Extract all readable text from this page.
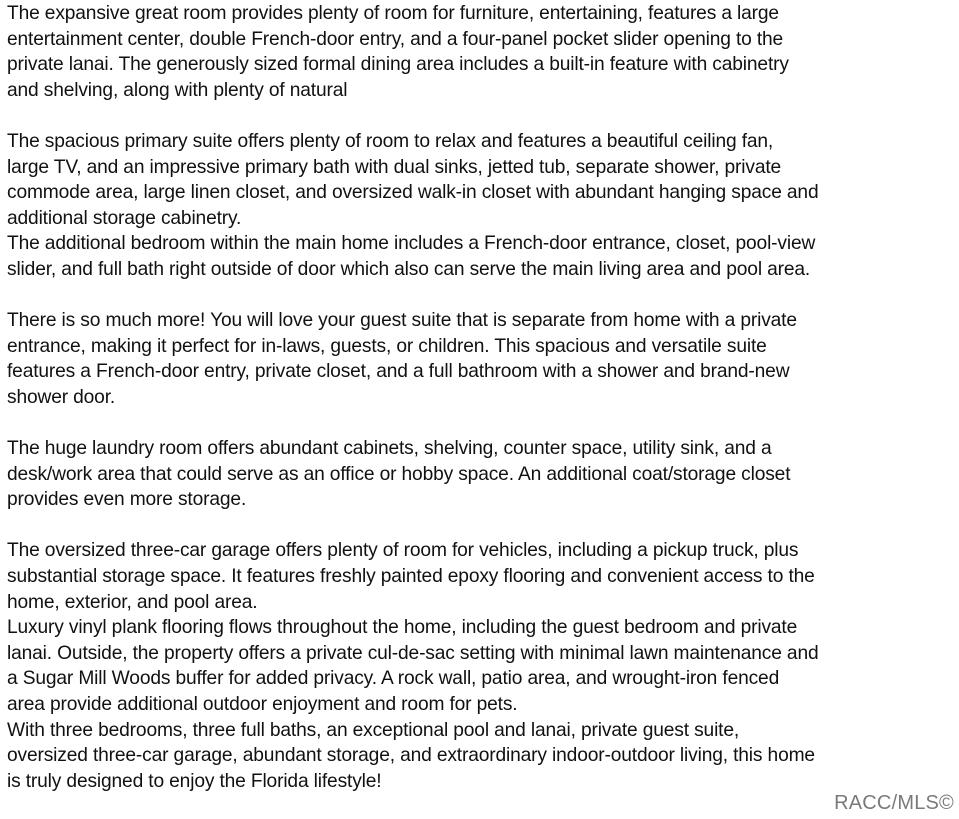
The expansive great room provides plenty of room for furniture, entertaining, features a large entertainment center, double French-door entry, and a four-panel pocket slider opening to the private lanai. The generously sized formal dining area includes a built-in feature with cabinetry and shelving, along with plenty of natural

The spacious primary suite offers plenty of room to relax and features a beautiful ceiling fan, large TV, and an impressive primary bath with dual sinks, jetted tub, separate shower, private commode area, large linen closet, and oversized walk-in closet with abundant hanging space and additional storage cabinetry.

The additional bedroom within the main home includes a French-door entrance, closet, pool-view slider, and full bath right outside of door which also can serve the main living area and pool area.

There is so much more! You will love your guest suite that is separate from home with a private entrance, making it perfect for in-laws, guests, or children. This spacious and versatile suite features a French-door entry, private closet, and a full bathroom with a shower and brand-new shower door.

The huge laundry room offers abundant cabinets, shelving, counter space, utility sink, and a desk/work area that could serve as an office or hobby space. An additional coat/storage closet provides even more storage.

The oversized three-car garage offers plenty of room for vehicles, including a pickup truck, plus substantial storage space. It features freshly painted epoxy flooring and convenient access to the home, exterior, and pool area.

Luxury vinyl plank flooring flows throughout the home, including the guest bedroom and private lanai. Outside, the property offers a private cul-de-sac setting with minimal lawn maintenance and a Sugar Mill Woods buffer for added privacy. A rock wall, patio area, and wrought-iron fenced area provide additional outdoor enjoyment and room for pets.

With three bedrooms, three full baths, an exceptional pool and lanai, private guest suite, oversized three-car garage, abundant storage, and extraordinary indoor-outdoor living, this home is truly designed to enjoy the Florida lifestyle!

RACC/MLS©
